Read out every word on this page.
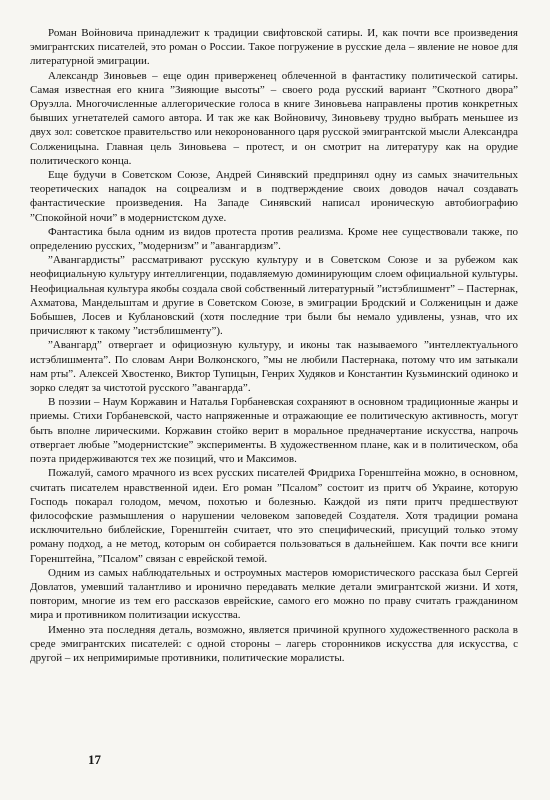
Роман Войновича принадлежит к традиции свифтовской сатиры. И, как почти все произведения эмигрантских писателей, это роман о России. Такое погружение в русские дела – явление не новое для литературной эмиграции.

Александр Зиновьев – еще один приверженец облеченной в фантастику политической сатиры. Самая известная его книга ”Зияющие высоты” – своего рода русский вариант ”Скотного двора” Оруэлла. Многочисленные аллегорические голоса в книге Зиновьева направлены против конкретных бывших угнетателей самого автора. И так же как Войновичу, Зиновьеву трудно выбрать меньшее из двух зол: советское правительство или некоронованного царя русской эмигрантской мысли Александра Солженицына. Главная цель Зиновьева – протест, и он смотрит на литературу как на орудие политического конца.

Еще будучи в Советском Союзе, Андрей Синявский предпринял одну из самых значительных теоретических нападок на соцреализм и в подтверждение своих доводов начал создавать фантастические произведения. На Западе Синявский написал ироническую автобиографию ”Спокойной ночи” в модернистском духе.

Фантастика была одним из видов протеста против реализма. Кроме нее существовали также, по определению русских, ”модернизм” и ”авангардизм”.

”Авангардисты” рассматривают русскую культуру и в Советском Союзе и за рубежом как неофициальную культуру интеллигенции, подавляемую доминирующим слоем официальной культуры. Неофициальная культура якобы создала свой собственный литературный ”истэблишмент” – Пастернак, Ахматова, Мандельштам и другие в Советском Союзе, в эмиграции Бродский и Солженицын и даже Бобышев, Лосев и Кублановский (хотя последние три были бы немало удивлены, узнав, что их причисляют к такому ”истэблишменту”).

”Авангард” отвергает и официозную культуру, и иконы так называемого ”интеллектуального истэблишмента”. По словам Анри Волконского, ”мы не любили Пастернака, потому что им затыкали нам рты”. Алексей Хвостенко, Виктор Тупицын, Генрих Худяков и Константин Кузьминский одиноко и зорко следят за чистотой русского ”авангарда”.

В поэзии – Наум Коржавин и Наталья Горбаневская сохраняют в основном традиционные жанры и приемы. Стихи Горбаневской, часто напряженные и отражающие ее политическую активность, могут быть вполне лирическими. Коржавин стойко верит в моральное предначертание искусства, напрочь отвергает любые ”модернистские” эксперименты. В художественном плане, как и в политическом, оба поэта придерживаются тех же позиций, что и Максимов.

Пожалуй, самого мрачного из всех русских писателей Фридриха Горенштейна можно, в основном, считать писателем нравственной идеи. Его роман ”Псалом” состоит из притч об Украине, которую Господь покарал голодом, мечом, похотью и болезнью. Каждой из пяти притч предшествуют философские размышления о нарушении человеком заповедей Создателя. Хотя традиции романа исключительно библейские, Горенштейн считает, что это специфический, присущий только этому роману подход, а не метод, которым он собирается пользоваться в дальнейшем. Как почти все книги Горенштейна, ”Псалом” связан с еврейской темой.

Одним из самых наблюдательных и остроумных мастеров юмористического рассказа был Сергей Довлатов, умевший талантливо и иронично передавать мелкие детали эмигрантской жизни. И хотя, повторим, многие из тем его рассказов еврейские, самого его можно по праву считать гражданином мира и противником политизации искусства.

Именно эта последняя деталь, возможно, является причиной крупного художественного раскола в среде эмигрантских писателей: с одной стороны – лагерь сторонников искусства для искусства, с другой – их непримиримые противники, политические моралисты.

17
